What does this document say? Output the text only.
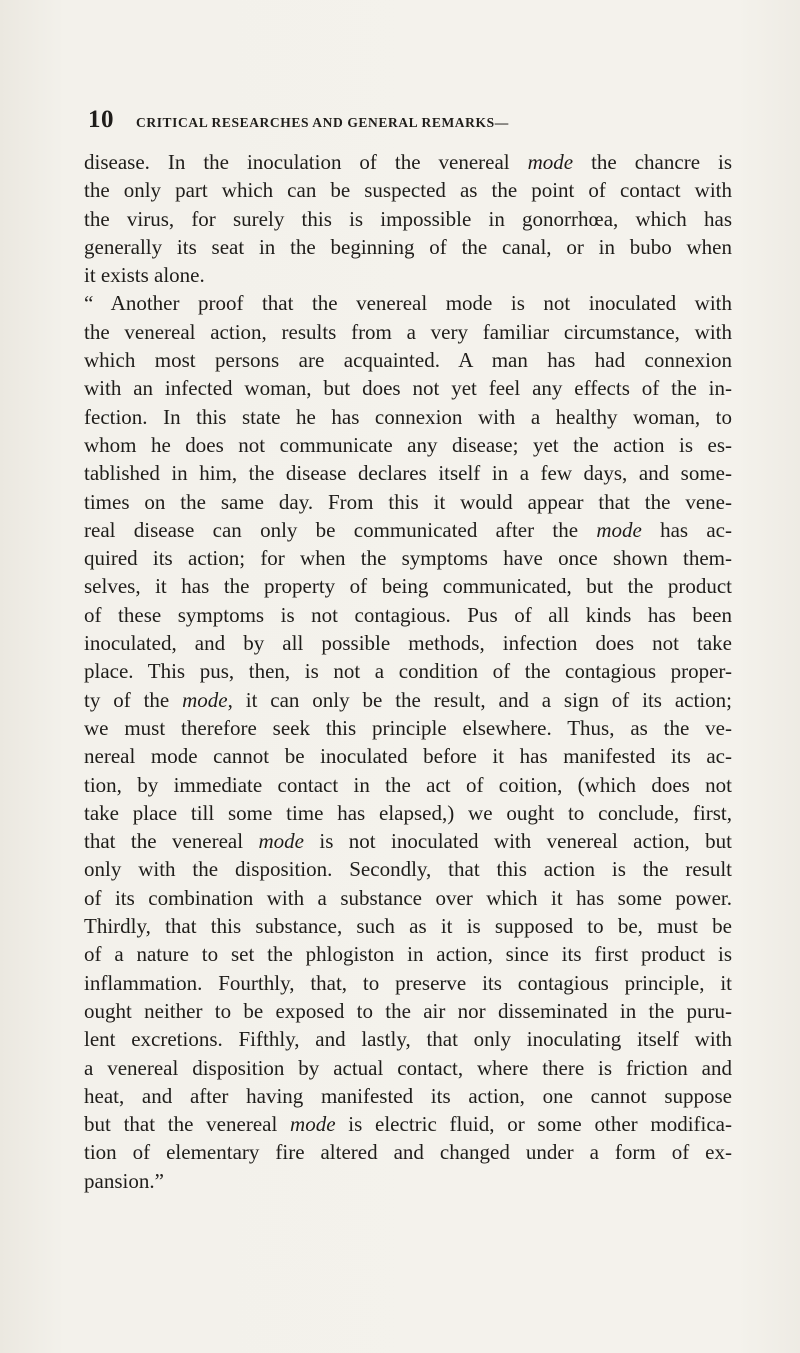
10 CRITICAL RESEARCHES AND GENERAL REMARKS—
disease. In the inoculation of the venereal mode the chancre is
the only part which can be suspected as the point of contact with
the virus, for surely this is impossible in gonorrhœa, which has
generally its seat in the beginning of the canal, or in bubo when
it exists alone.
“ Another proof that the venereal mode is not inoculated with
the venereal action, results from a very familiar circumstance, with
which most persons are acquainted. A man has had connexion
with an infected woman, but does not yet feel any effects of the in-
fection. In this state he has connexion with a healthy woman, to
whom he does not communicate any disease; yet the action is es-
tablished in him, the disease declares itself in a few days, and some-
times on the same day. From this it would appear that the vene-
real disease can only be communicated after the mode has ac-
quired its action; for when the symptoms have once shown them-
selves, it has the property of being communicated, but the product
of these symptoms is not contagious. Pus of all kinds has been
inoculated, and by all possible methods, infection does not take
place. This pus, then, is not a condition of the contagious proper-
ty of the mode, it can only be the result, and a sign of its action;
we must therefore seek this principle elsewhere. Thus, as the ve-
nereal mode cannot be inoculated before it has manifested its ac-
tion, by immediate contact in the act of coition, (which does not
take place till some time has elapsed,) we ought to conclude, first,
that the venereal mode is not inoculated with venereal action, but
only with the disposition. Secondly, that this action is the result
of its combination with a substance over which it has some power.
Thirdly, that this substance, such as it is supposed to be, must be
of a nature to set the phlogiston in action, since its first product is
inflammation. Fourthly, that, to preserve its contagious principle, it
ought neither to be exposed to the air nor disseminated in the puru-
lent excretions. Fifthly, and lastly, that only inoculating itself with
a venereal disposition by actual contact, where there is friction and
heat, and after having manifested its action, one cannot suppose
but that the venereal mode is electric fluid, or some other modifica-
tion of elementary fire altered and changed under a form of ex-
pansion.”
